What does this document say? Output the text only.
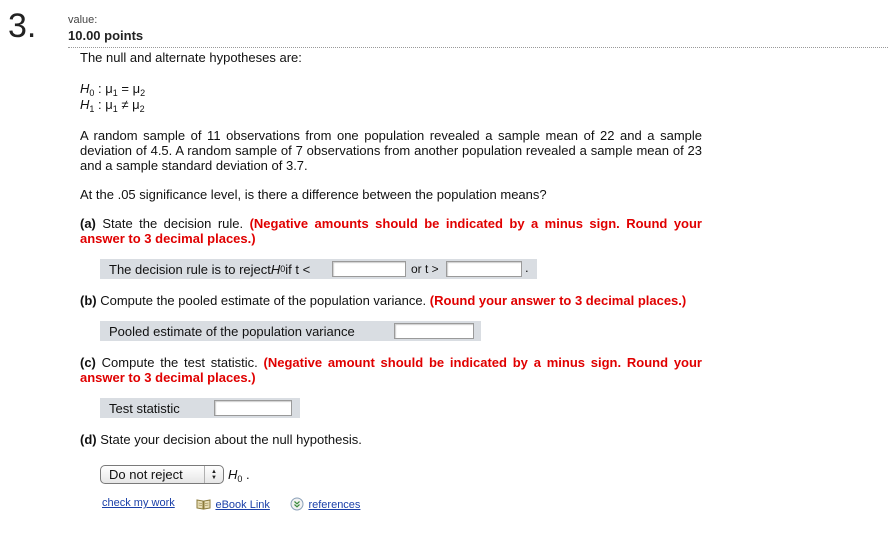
3.	value:
10.00 points
The null and alternate hypotheses are:
$H_0$ : $\mu_1 = \mu_2$
$H_1$ : $\mu_1 \ne \mu_2$
A random sample of 11 observations from one population revealed a sample mean of 22 and a sample deviation of 4.5. A random sample of 7 observations from another population revealed a sample mean of 23 and a sample standard deviation of 3.7.
At the .05 significance level, is there a difference between the population means?
(a) State the decision rule. (Negative amounts should be indicated by a minus sign. Round your answer to 3 decimal places.)
The decision rule is to reject H 0 if t <	or t >	.
(b) Compute the pooled estimate of the population variance. (Round your answer to 3 decimal places.)
Pooled estimate of the population variance
(c) Compute the test statistic. (Negative amount should be indicated by a minus sign. Round your answer to 3 decimal places.)
Test statistic
(d) State your decision about the null hypothesis.
Do not reject	▲
▼ $H_0$ .
check my work	eBook Link	references
